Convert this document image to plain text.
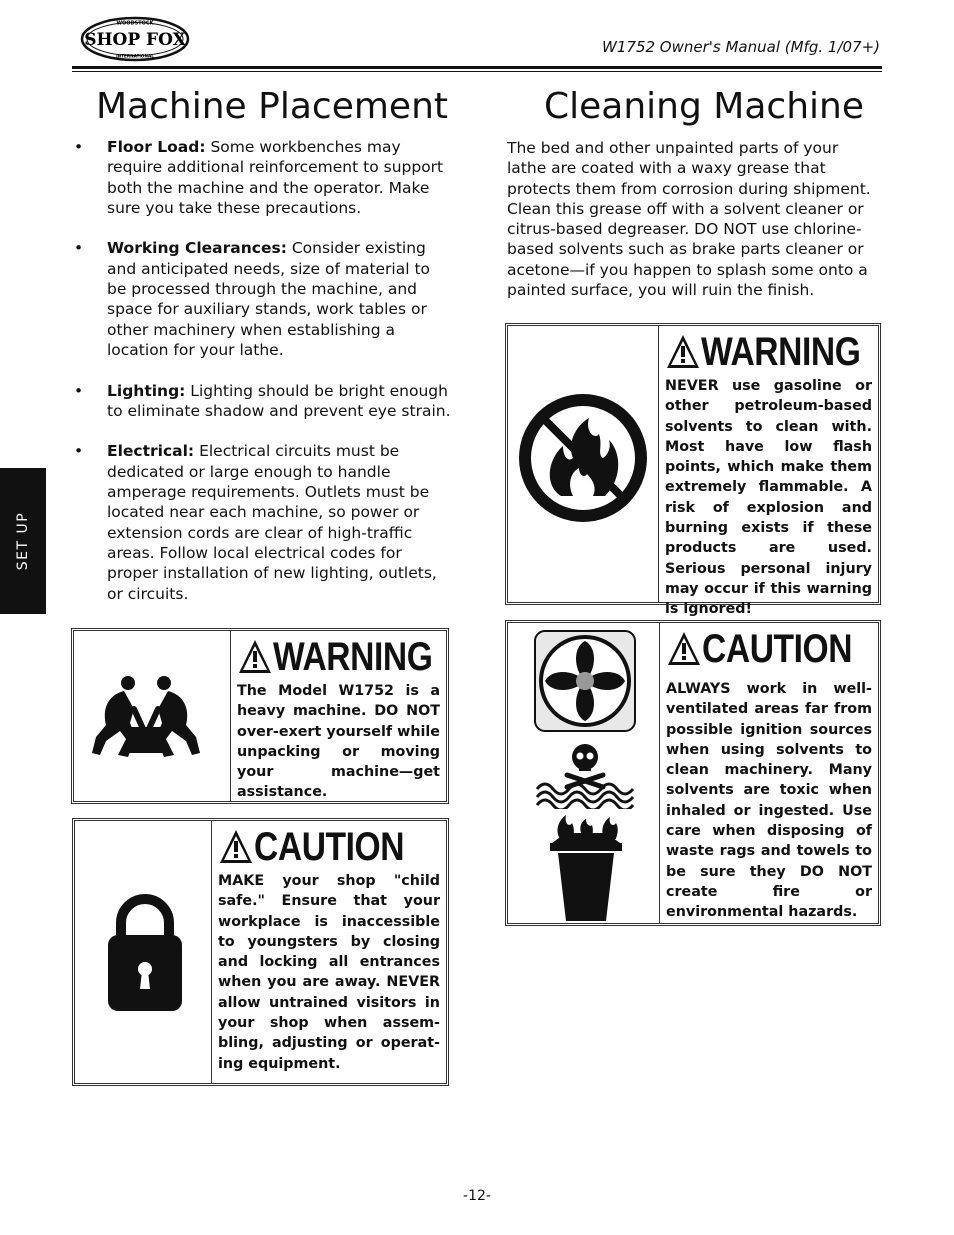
WOODSTOCK
SHOP FOX
INTERNATIONAL	W1752 Owner's Manual (Mfg. 1/07+)
SET UP
Machine Placement	Cleaning Machine
• Floor Load: Some workbenches may require additional reinforcement to support both the machine and the operator. Make sure you take these precautions.
• Working Clearances: Consider existing and anticipated needs, size of material to be processed through the machine, and space for auxiliary stands, work tables or other machinery when establishing a location for your lathe.
• Lighting: Lighting should be bright enough to eliminate shadow and prevent eye strain.
• Electrical: Electrical circuits must be dedicated or large enough to handle amperage requirements. Outlets must be located near each machine, so power or extension cords are clear of high-traffic areas. Follow local electrical codes for proper installation of new lighting, outlets, or circuits.

The bed and other unpainted parts of your lathe are coated with a waxy grease that protects them from corrosion during shipment. Clean this grease off with a solvent cleaner or citrus-based degreaser. DO NOT use chlorine-based solvents such as brake parts cleaner or acetone—if you happen to splash some onto a painted surface, you will ruin the finish.

WARNING
The Model W1752 is a heavy machine. DO NOT over-exert yourself while unpacking or moving your machine—get assistance.
CAUTION
MAKE your shop "child safe." Ensure that your workplace is inaccessible to youngsters by closing and locking all entrances when you are away. NEVER allow untrained visitors in your shop when assem- bling, adjusting or operat- ing equipment.
WARNING
NEVER use gasoline or other petroleum-based solvents to clean with. Most have low flash points, which make them extremely flammable. A risk of explosion and burning exists if these products are used. Serious personal injury may occur if this warning is ignored!
CAUTION
ALWAYS work in well-ventilated areas far from possible ignition sources when using solvents to clean machinery. Many solvents are toxic when inhaled or ingested. Use care when disposing of waste rags and towels to be sure they DO NOT create fire or environmental hazards.
-12-
